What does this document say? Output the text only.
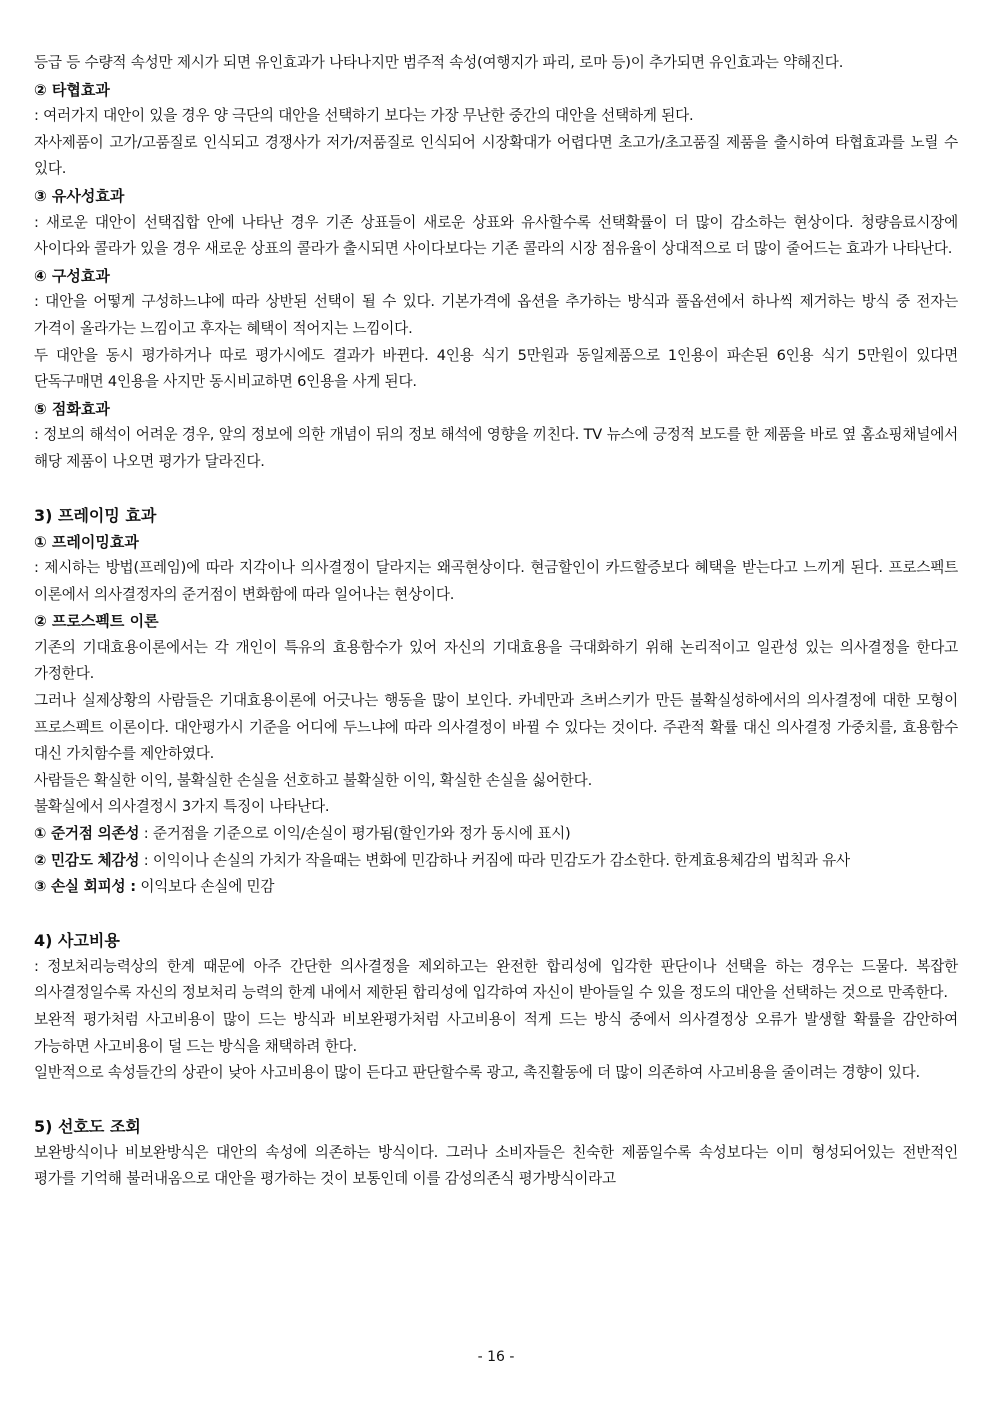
등급 등 수량적 속성만 제시가 되면 유인효과가 나타나지만 범주적 속성(여행지가 파리, 로마 등)이 추가되면 유인효과는 약해진다.

② 타협효과

: 여러가지 대안이 있을 경우 양 극단의 대안을 선택하기 보다는 가장 무난한 중간의 대안을 선택하게 된다.

자사제품이 고가/고품질로 인식되고 경쟁사가 저가/저품질로 인식되어 시장확대가 어렵다면 초고가/초고품질 제품을 출시하여 타협효과를 노릴 수 있다.

③ 유사성효과

: 새로운 대안이 선택집합 안에 나타난 경우 기존 상표들이 새로운 상표와 유사할수록 선택확률이 더 많이 감소하는 현상이다. 청량음료시장에 사이다와 콜라가 있을 경우 새로운 상표의 콜라가 출시되면 사이다보다는 기존 콜라의 시장 점유율이 상대적으로 더 많이 줄어드는 효과가 나타난다.

④ 구성효과

: 대안을 어떻게 구성하느냐에 따라 상반된 선택이 될 수 있다. 기본가격에 옵션을 추가하는 방식과 풀옵션에서 하나씩 제거하는 방식 중 전자는 가격이 올라가는 느낌이고 후자는 혜택이 적어지는 느낌이다.

두 대안을 동시 평가하거나 따로 평가시에도 결과가 바뀐다. 4인용 식기 5만원과 동일제품으로 1인용이 파손된 6인용 식기 5만원이 있다면 단독구매면 4인용을 사지만 동시비교하면 6인용을 사게 된다.

⑤ 점화효과

: 정보의 해석이 어려운 경우, 앞의 정보에 의한 개념이 뒤의 정보 해석에 영향을 끼친다. TV 뉴스에 긍정적 보도를 한 제품을 바로 옆 홈쇼핑채널에서 해당 제품이 나오면 평가가 달라진다.

3) 프레이밍 효과

① 프레이밍효과

: 제시하는 방법(프레임)에 따라 지각이나 의사결정이 달라지는 왜곡현상이다. 현금할인이 카드할증보다 혜택을 받는다고 느끼게 된다. 프로스펙트 이론에서 의사결정자의 준거점이 변화함에 따라 일어나는 현상이다.

② 프로스펙트 이론

기존의 기대효용이론에서는 각 개인이 특유의 효용함수가 있어 자신의 기대효용을 극대화하기 위해 논리적이고 일관성 있는 의사결정을 한다고 가정한다.

그러나 실제상황의 사람들은 기대효용이론에 어긋나는 행동을 많이 보인다. 카네만과 츠버스키가 만든 불확실성하에서의 의사결정에 대한 모형이 프로스펙트 이론이다. 대안평가시 기준을 어디에 두느냐에 따라 의사결정이 바뀔 수 있다는 것이다. 주관적 확률 대신 의사결정 가중치를, 효용함수 대신 가치함수를 제안하였다.

사람들은 확실한 이익, 불확실한 손실을 선호하고 불확실한 이익, 확실한 손실을 싫어한다.

불확실에서 의사결정시 3가지 특징이 나타난다.

① 준거점 의존성 : 준거점을 기준으로 이익/손실이 평가됨(할인가와 정가 동시에 표시)

② 민감도 체감성 : 이익이나 손실의 가치가 작을때는 변화에 민감하나 커짐에 따라 민감도가 감소한다. 한계효용체감의 법칙과 유사

③ 손실 회피성 : 이익보다 손실에 민감

4) 사고비용

: 정보처리능력상의 한계 때문에 아주 간단한 의사결정을 제외하고는 완전한 합리성에 입각한 판단이나 선택을 하는 경우는 드물다. 복잡한 의사결정일수록 자신의 정보처리 능력의 한계 내에서 제한된 합리성에 입각하여 자신이 받아들일 수 있을 정도의 대안을 선택하는 것으로 만족한다.

보완적 평가처럼 사고비용이 많이 드는 방식과 비보완평가처럼 사고비용이 적게 드는 방식 중에서 의사결정상 오류가 발생할 확률을 감안하여 가능하면 사고비용이 덜 드는 방식을 채택하려 한다.

일반적으로 속성들간의 상관이 낮아 사고비용이 많이 든다고 판단할수록 광고, 촉진활동에 더 많이 의존하여 사고비용을 줄이려는 경향이 있다.

5) 선호도 조회

보완방식이나 비보완방식은 대안의 속성에 의존하는 방식이다. 그러나 소비자들은 친숙한 제품일수록 속성보다는 이미 형성되어있는 전반적인 평가를 기억해 불러내옴으로 대안을 평가하는 것이 보통인데 이를 감성의존식 평가방식이라고

- 16 -
